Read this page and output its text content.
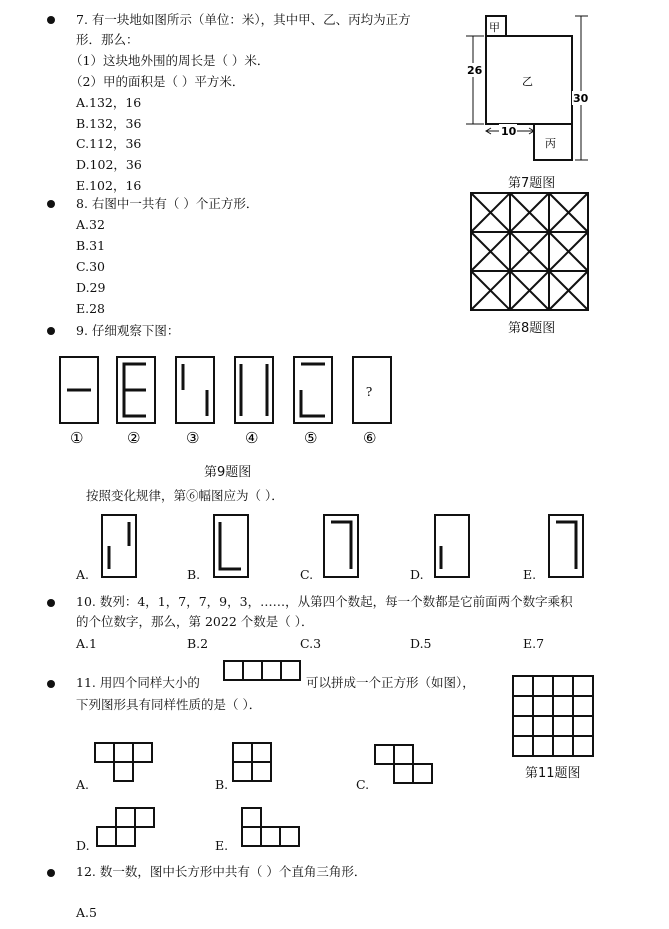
7. 有一块地如图所示（单位：米），其中甲、乙、丙均为正方
形．那么：
（1）这块地外围的周长是（ ）米．
（2）甲的面积是（ ）平方米．
A.132，16
B.132，36
C.112，36
D.102，36
E.102，16
甲
乙
丙
26
30
10
第7题图
8. 右图中一共有（ ）个正方形．
A.32
B.31
C.30
D.29
E.28
第8题图
9. 仔细观察下图：
?
①	②	③	④	⑤	⑥
第9题图
按照变化规律，第⑥幅图应为（ ）．
A.	B.	C.	D.	E.
10. 数列：4，1，7，7，9，3，……，从第四个数起，每一个数都是它前面两个数字乘积
的个位数字，那么，第 2022 个数是（ ）．
A.1	B.2	C.3	D.5	E.7
11. 用四个同样大小的	可以拼成一个正方形（如图），
下列图形具有同样性质的是（ ）．
第11题图
A.	B.	C.
D.	E.
12. 数一数，图中长方形中共有（ ）个直角三角形．
A.5
